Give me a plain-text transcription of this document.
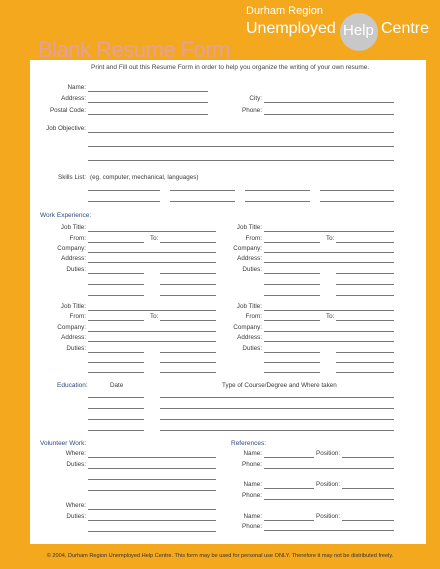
Durham Region
Unemployed Help Centre
Blank Resume Form
Print and Fill out this Resume Form in order to help you organize the writing of your own resume.
Name:
Address:
Postal Code:
City:
Phone:
Job Objective:
Skills List: (eg. computer, mechanical, languages)
Work Experience:
Job Title:
From:	To:
Company:
Address:
Duties:
Job Title:
From:	To:
Company:
Address:
Duties:
Job Title:
From:	To:
Company:
Address:
Duties:
Job Title:
From:	To:
Company:
Address:
Duties:
Education:	Date	Type of Course/Degree and Where taken
Volunteer Work:
Where:
Duties:
Where:
Duties:
References:
Name:	Position:
Phone:
Name:	Position:
Phone:
Name:	Position:
Phone:
© 2004, Durham Region Unemployed Help Centre. This form may be used for personal use ONLY. Therefore it may not be distributed freely.
